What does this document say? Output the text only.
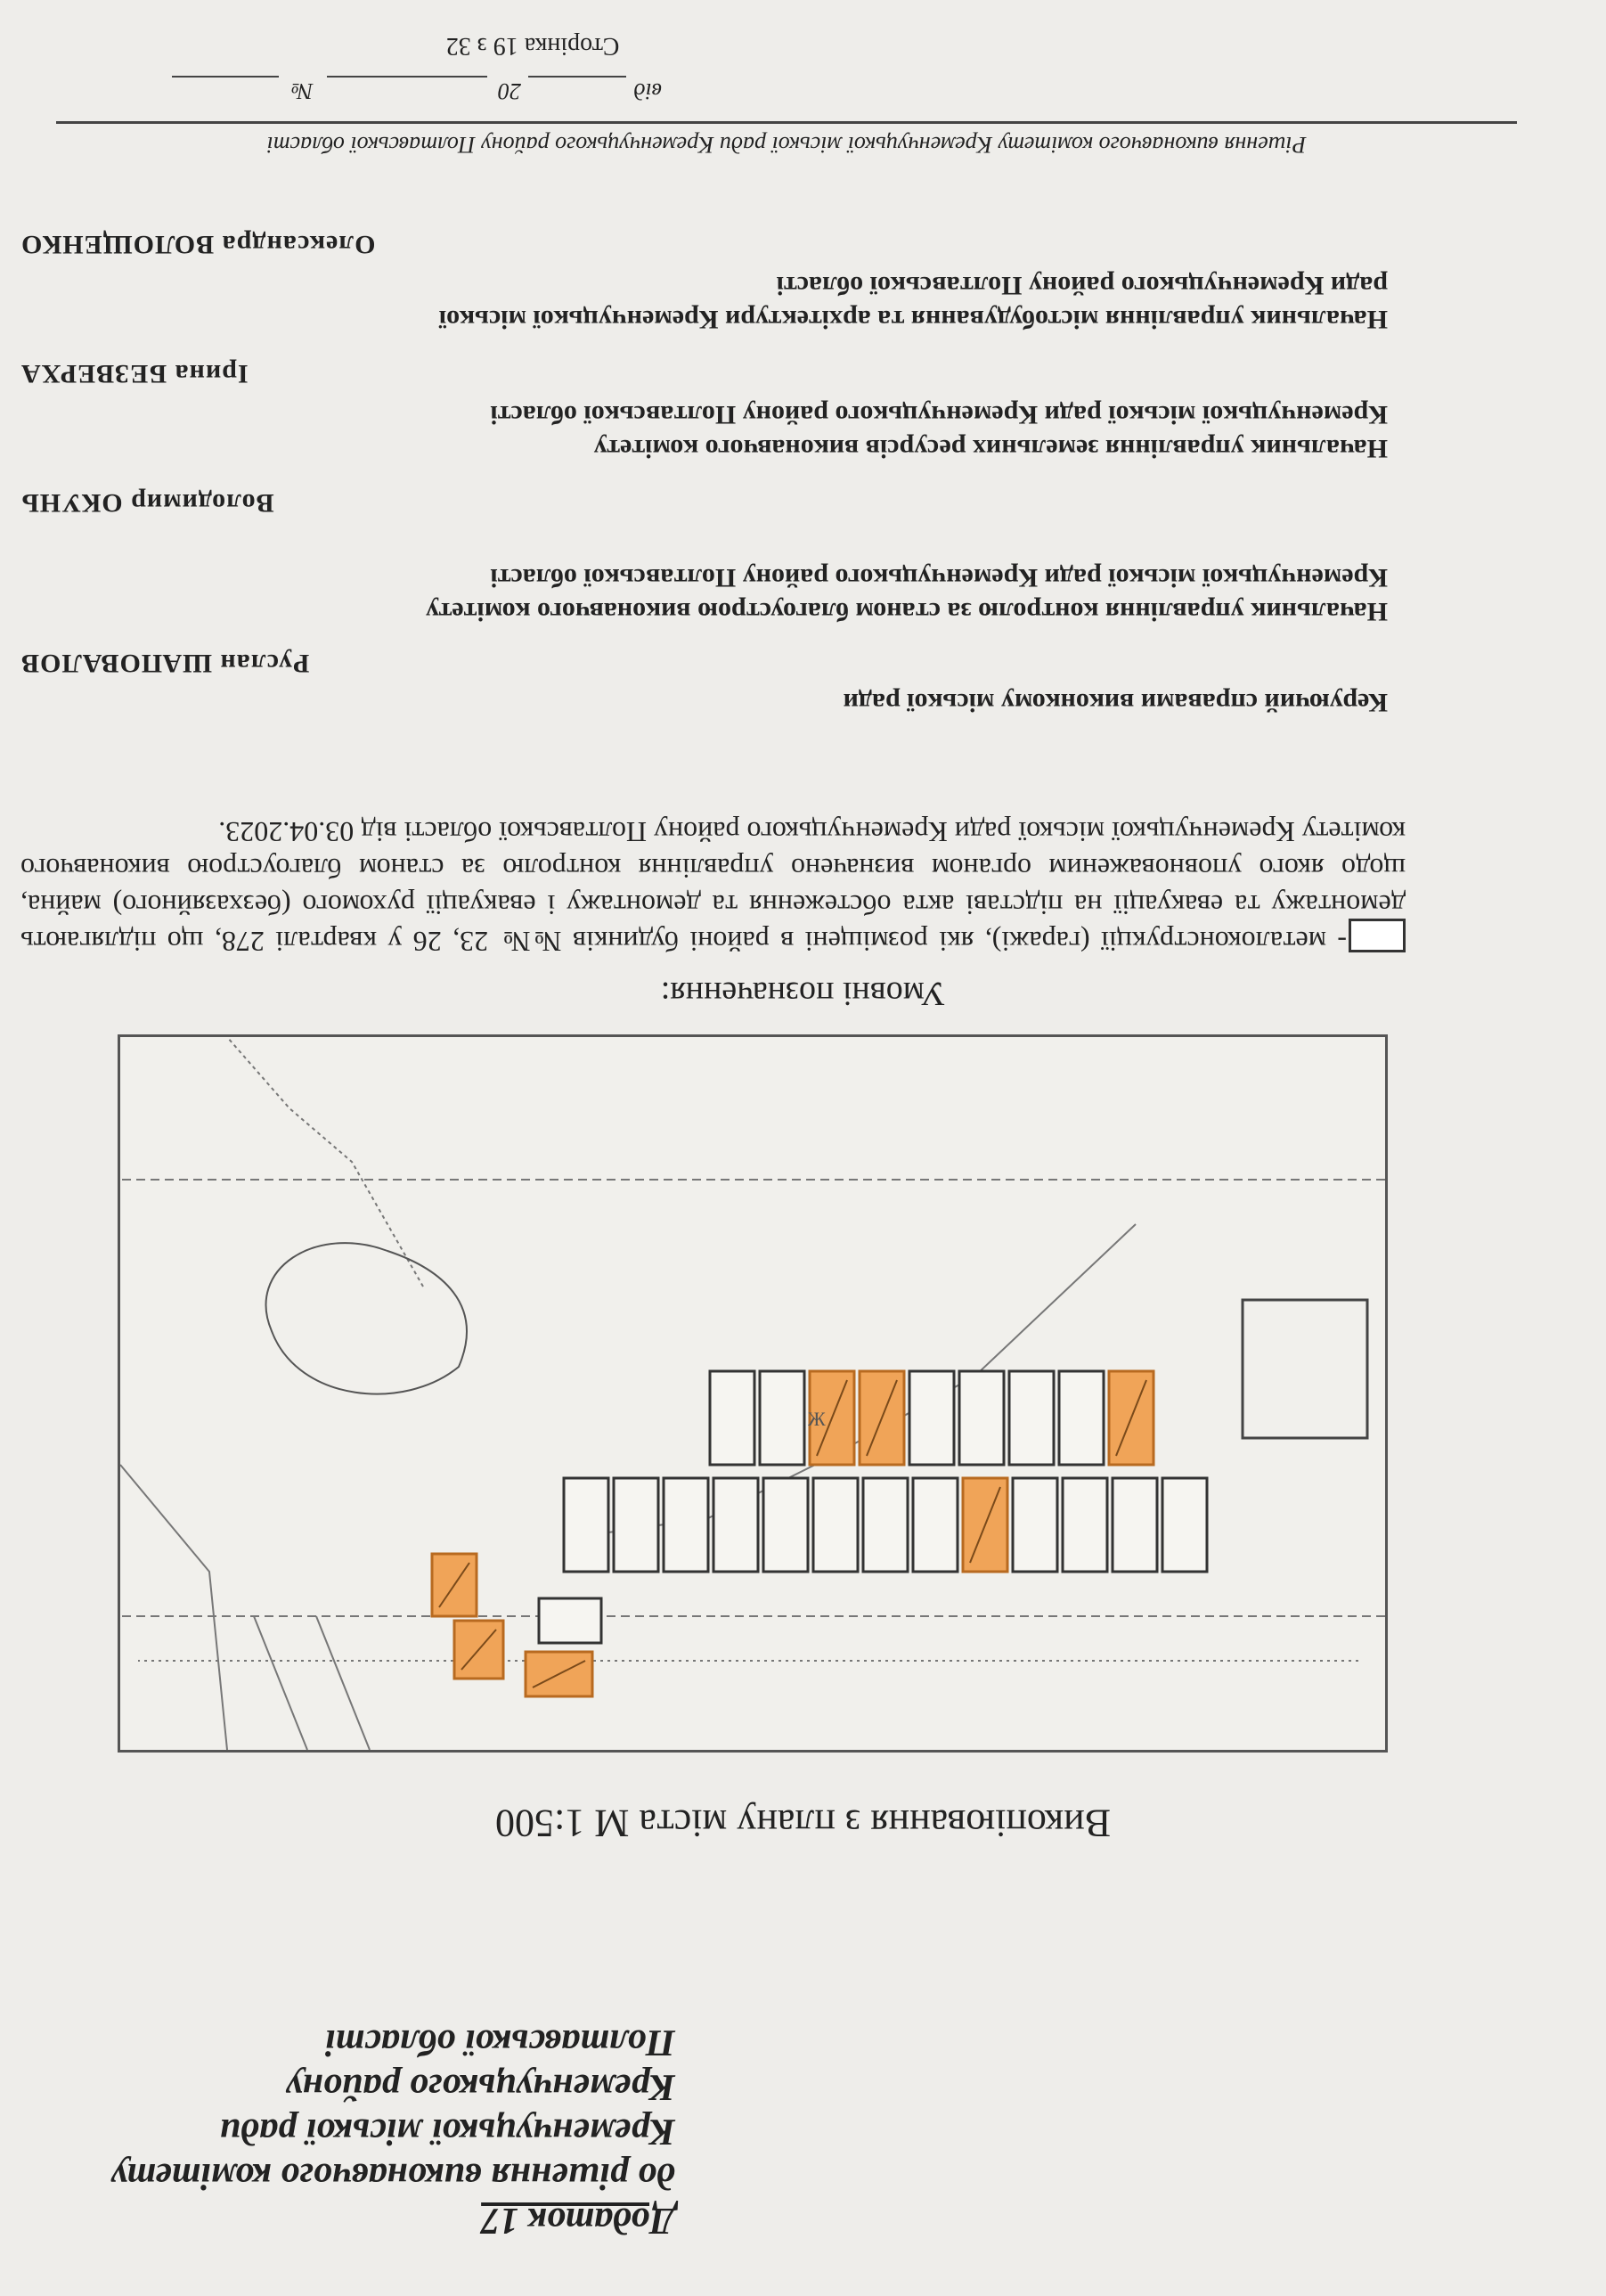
Додаток 17
до рішення виконавчого комітету
Кременчуцької міської ради
Кременчуцького району
Полтавської області
Викопіювання з плану міста М 1:500
Ж
Умовні позначення:
- металоконструкції (гаражі), які розміщені в районі будинків №№ 23, 26 у кварталі 278, що підлягають демонтажу та евакуації на підставі акта обстеження та демонтажу і евакуації рухомого (безхазяйного) майна, щодо якого уповноваженим органом визначено управління контролю за станом благоустрою виконавчого комітету Кременчуцької міської ради Кременчуцького району Полтавської області від 03.04.2023.
Керуючий справами виконкому міської ради
Руслан ШАПОВАЛОВ
Начальник управління контролю за станом благоустрою виконавчого комітету Кременчуцької міської ради Кременчуцького району Полтавської області
Володимир ОКУНЬ
Начальник управління земельних ресурсів виконавчого комітету Кременчуцької міської ради Кременчуцького району Полтавської області
Ірина БЕЗВЕРХА
Начальник управління містобудування та архітектури Кременчуцької міської ради Кременчуцького району Полтавської області
Олександра ВОЛОЩЕНКО
Рішення виконавчого комітету Кременчуцької міської ради Кременчуцького району Полтавської області
від
20
№
Сторінка 19 з 32
